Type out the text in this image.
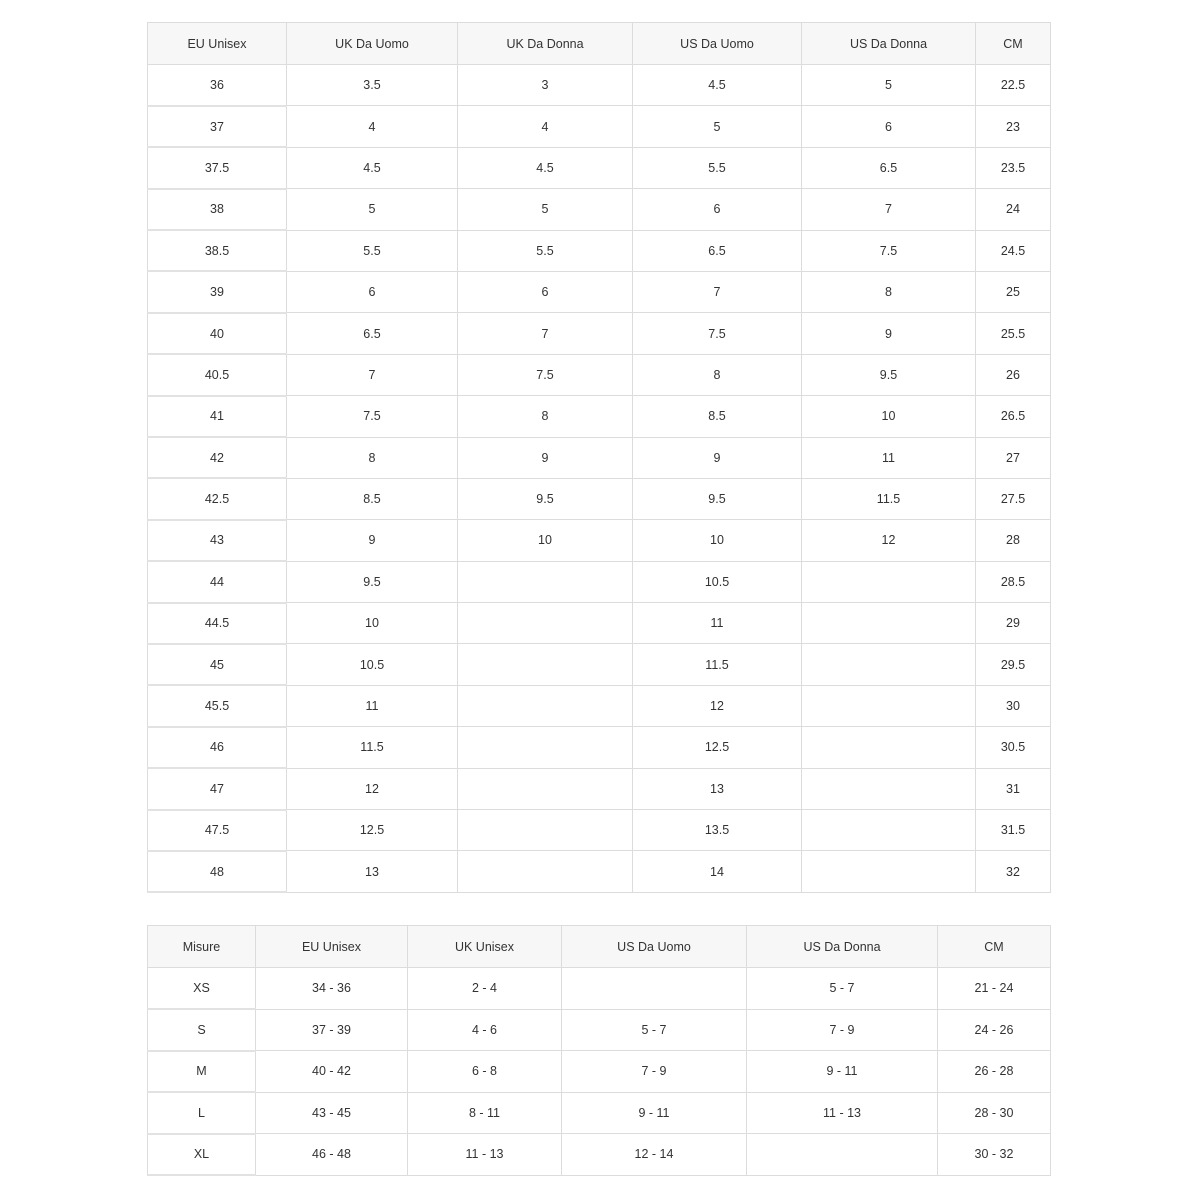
EU Unisex	UK Da Uomo	UK Da Donna	US Da Uomo	US Da Donna	CM
36	3.5	3	4.5	5	22.5
37	4	4	5	6	23
37.5	4.5	4.5	5.5	6.5	23.5
38	5	5	6	7	24
38.5	5.5	5.5	6.5	7.5	24.5
39	6	6	7	8	25
40	6.5	7	7.5	9	25.5
40.5	7	7.5	8	9.5	26
41	7.5	8	8.5	10	26.5
42	8	9	9	11	27
42.5	8.5	9.5	9.5	11.5	27.5
43	9	10	10	12	28
44	9.5		10.5		28.5
44.5	10		11		29
45	10.5		11.5		29.5
45.5	11		12		30
46	11.5		12.5		30.5
47	12		13		31
47.5	12.5		13.5		31.5
48	13		14		32
Misure	EU Unisex	UK Unisex	US Da Uomo	US Da Donna	CM
XS	34 - 36	2 - 4		5 - 7	21 - 24
S	37 - 39	4 - 6	5 - 7	7 - 9	24 - 26
M	40 - 42	6 - 8	7 - 9	9 - 11	26 - 28
L	43 - 45	8 - 11	9 - 11	11 - 13	28 - 30
XL	46 - 48	11 - 13	12 - 14		30 - 32
